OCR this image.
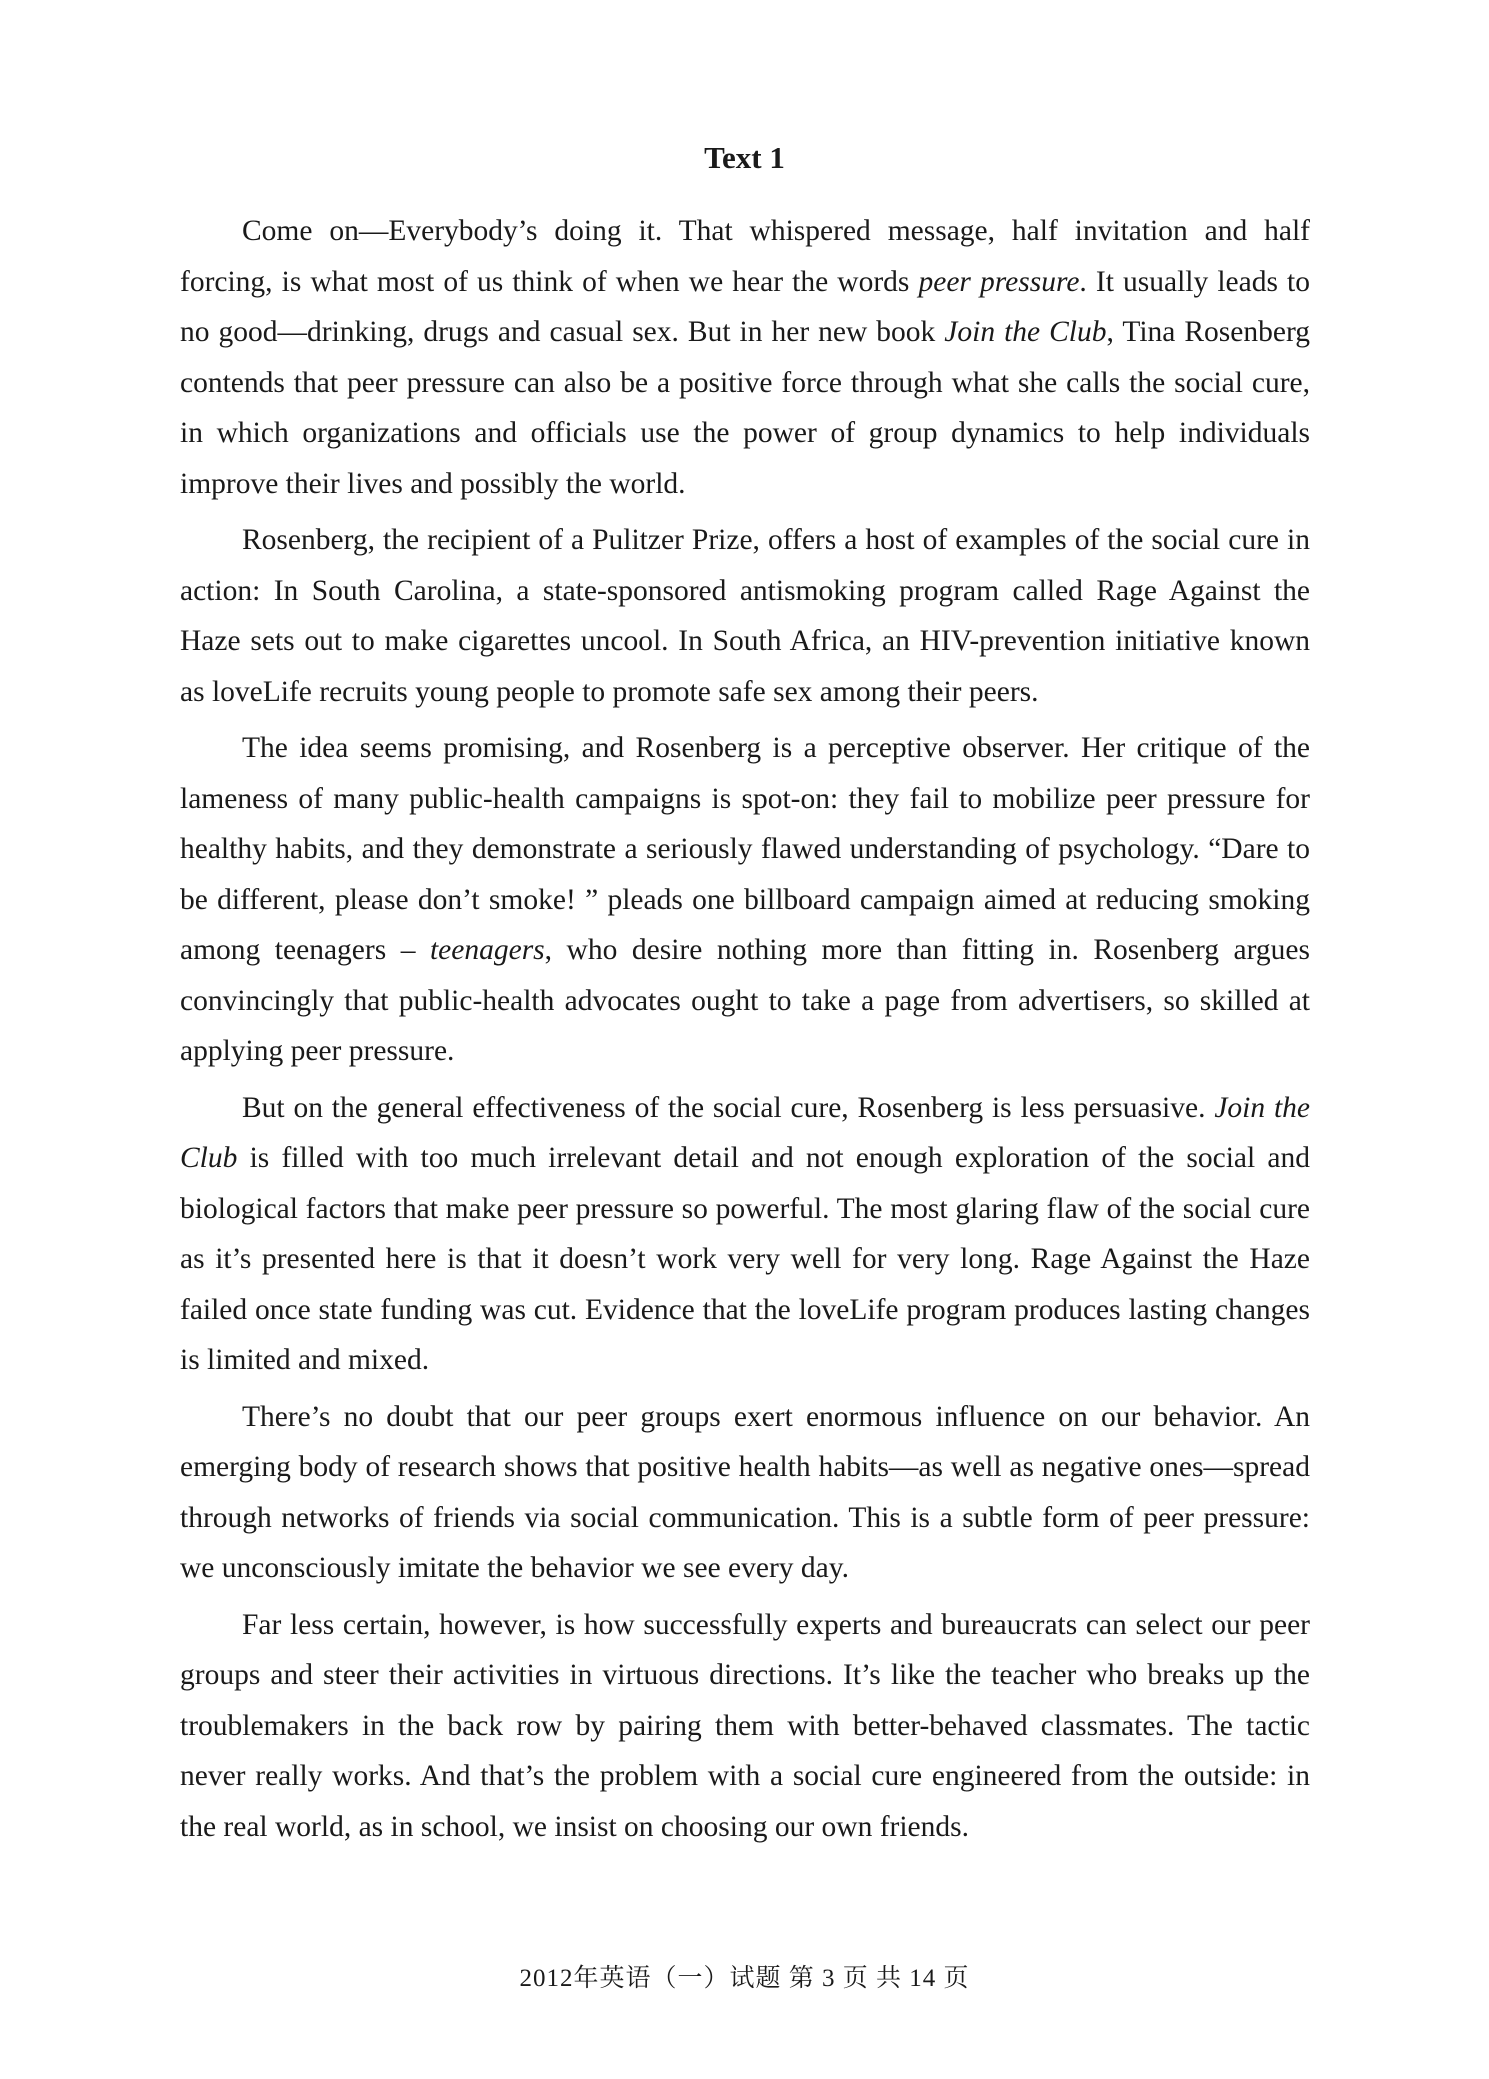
Text 1

Come on—Everybody’s doing it. That whispered message, half invitation and half forcing, is what most of us think of when we hear the words peer pressure. It usually leads to no good—drinking, drugs and casual sex. But in her new book Join the Club, Tina Rosenberg contends that peer pressure can also be a positive force through what she calls the social cure, in which organizations and officials use the power of group dynamics to help individuals improve their lives and possibly the world.

Rosenberg, the recipient of a Pulitzer Prize, offers a host of examples of the social cure in action: In South Carolina, a state-sponsored antismoking program called Rage Against the Haze sets out to make cigarettes uncool. In South Africa, an HIV-prevention initiative known as loveLife recruits young people to promote safe sex among their peers.

The idea seems promising, and Rosenberg is a perceptive observer. Her critique of the lameness of many public-health campaigns is spot-on: they fail to mobilize peer pressure for healthy habits, and they demonstrate a seriously flawed understanding of psychology. “Dare to be different, please don’t smoke! ” pleads one billboard campaign aimed at reducing smoking among teenagers – teenagers, who desire nothing more than fitting in. Rosenberg argues convincingly that public-health advocates ought to take a page from advertisers, so skilled at applying peer pressure.

But on the general effectiveness of the social cure, Rosenberg is less persuasive. Join the Club is filled with too much irrelevant detail and not enough exploration of the social and biological factors that make peer pressure so powerful. The most glaring flaw of the social cure as it’s presented here is that it doesn’t work very well for very long. Rage Against the Haze failed once state funding was cut. Evidence that the loveLife program produces lasting changes is limited and mixed.

There’s no doubt that our peer groups exert enormous influence on our behavior. An emerging body of research shows that positive health habits—as well as negative ones—spread through networks of friends via social communication. This is a subtle form of peer pressure: we unconsciously imitate the behavior we see every day.

Far less certain, however, is how successfully experts and bureaucrats can select our peer groups and steer their activities in virtuous directions. It’s like the teacher who breaks up the troublemakers in the back row by pairing them with better-behaved classmates. The tactic never really works. And that’s the problem with a social cure engineered from the outside: in the real world, as in school, we insist on choosing our own friends.

2012年英语（一）试题 第 3 页 共 14 页
